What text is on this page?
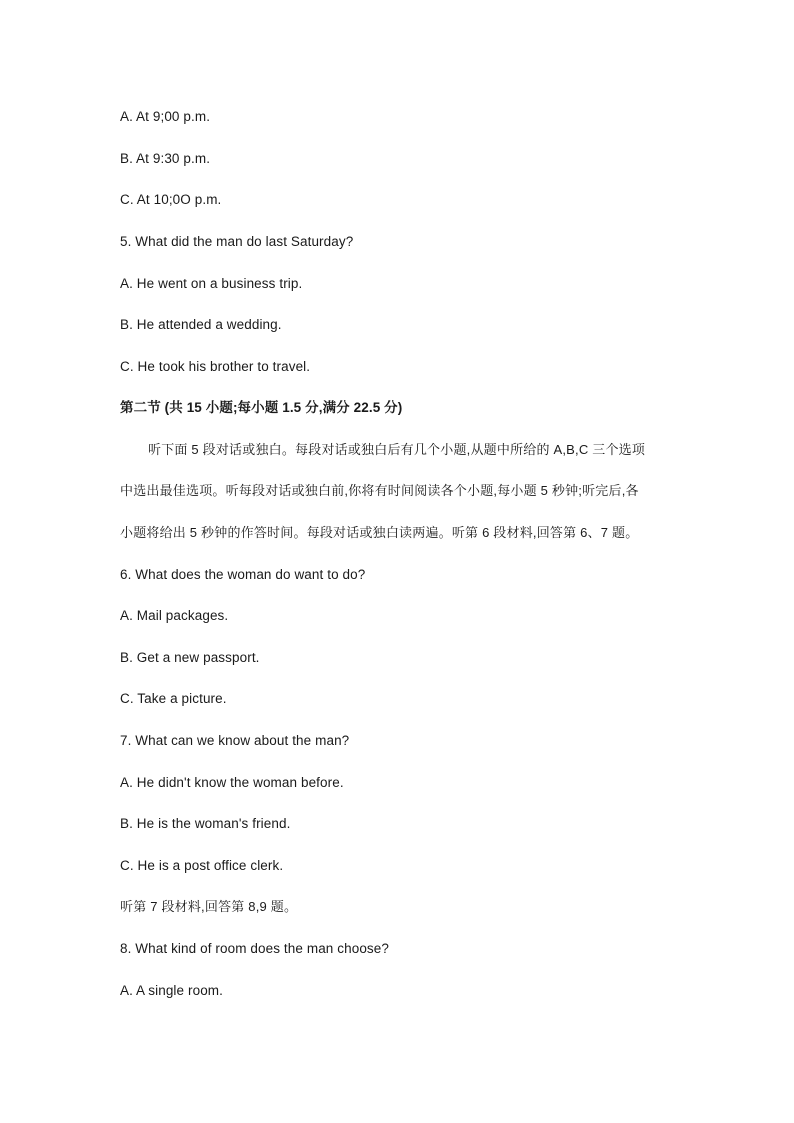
A. At 9;00 p.m.
B. At 9:30 p.m.
C. At 10;0O p.m.
5. What did the man do last Saturday?
A. He went on a business trip.
B. He attended a wedding.
C. He took his brother to travel.
第二节 (共 15 小题;每小题 1.5 分,满分 22.5 分)
听下面 5 段对话或独白。每段对话或独白后有几个小题,从题中所给的 A,B,C 三个选项
中选出最佳选项。听每段对话或独白前,你将有时间阅读各个小题,每小题 5 秒钟;听完后,各
小题将给出 5 秒钟的作答时间。每段对话或独白读两遍。听第 6 段材料,回答第 6、7 题。
6. What does the woman do want to do?
A. Mail packages.
B. Get a new passport.
C. Take a picture.
7. What can we know about the man?
A. He didn't know the woman before.
B. He is the woman's friend.
C. He is a post office clerk.
听第 7 段材料,回答第 8,9 题。
8. What kind of room does the man choose?
A. A single room.
